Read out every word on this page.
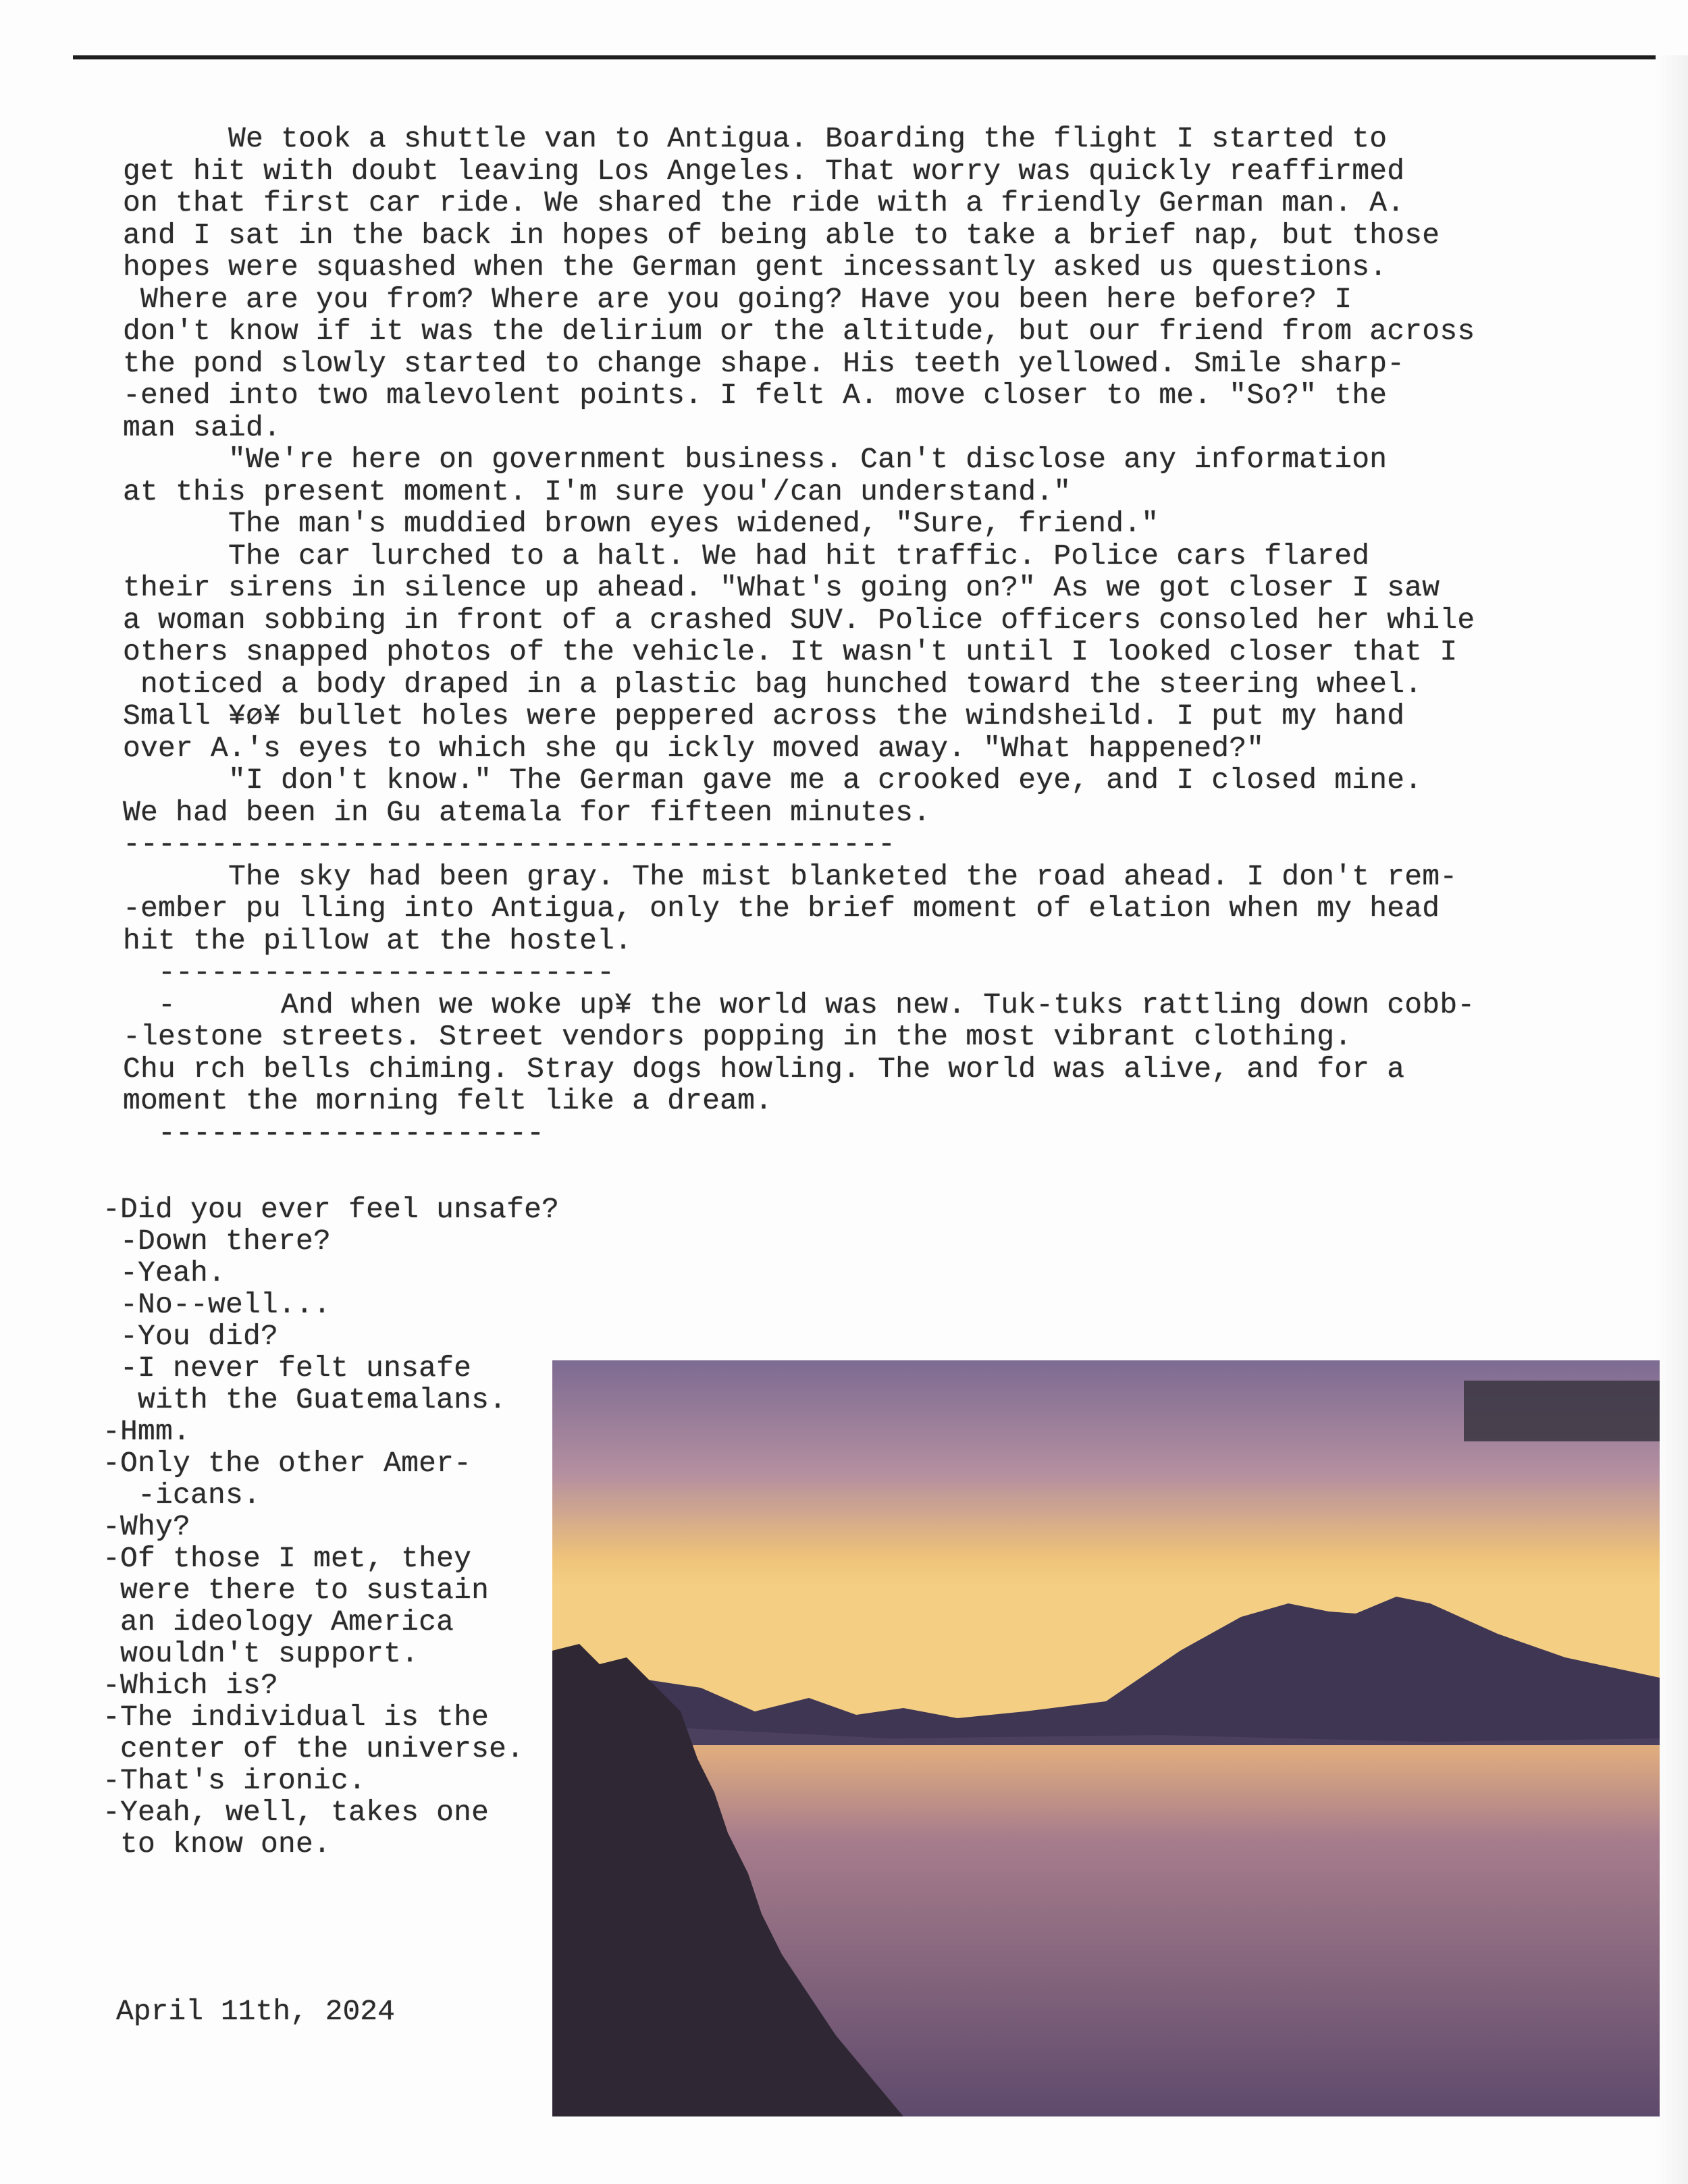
We took a shuttle van to Antigua. Boarding the flight I started to
get hit with doubt leaving Los Angeles. That worry was quickly reaffirmed
on that first car ride. We shared the ride with a friendly German man. A.
and I sat in the back in hopes of being able to take a brief nap, but those
hopes were squashed when the German gent incessantly asked us questions.
Where are you from? Where are you going? Have you been here before? I
don't know if it was the delirium or the altitude, but our friend from across
the pond slowly started to change shape. His teeth yellowed. Smile sharp-
-ened into two malevolent points. I felt A. move closer to me. "So?" the
man said.
"We're here on government business. Can't disclose any information
at this present moment. I'm sure you'/can understand."
The man's muddied brown eyes widened, "Sure, friend."
The car lurched to a halt. We had hit traffic. Police cars flared
their sirens in silence up ahead. "What's going on?" As we got closer I saw
a woman sobbing in front of a crashed SUV. Police officers consoled her while
others snapped photos of the vehicle. It wasn't until I looked closer that I
noticed a body draped in a plastic bag hunched toward the steering wheel.
Small ¥ø¥ bullet holes were peppered across the windsheild. I put my hand
over A.'s eyes to which she qu ickly moved away. "What happened?"
"I don't know." The German gave me a crooked eye, and I closed mine.
We had been in Gu atemala for fifteen minutes.
--------------------------------------------
The sky had been gray. The mist blanketed the road ahead. I don't rem-
-ember pu lling into Antigua, only the brief moment of elation when my head
hit the pillow at the hostel.
--------------------------
-      And when we woke up¥ the world was new. Tuk-tuks rattling down cobb-
-lestone streets. Street vendors popping in the most vibrant clothing.
Chu rch bells chiming. Stray dogs howling. The world was alive, and for a
moment the morning felt like a dream.
----------------------
-Did you ever feel unsafe?
-Down there?
-Yeah.
-No--well...
-You did?
-I never felt unsafe
with the Guatemalans.
-Hmm.
-Only the other Amer-
-icans.
-Why?
-Of those I met, they
were there to sustain
an ideology America
wouldn't support.
-Which is?
-The individual is the
center of the universe.
-That's ironic.
-Yeah, well, takes one
to know one.
April 11th, 2024
